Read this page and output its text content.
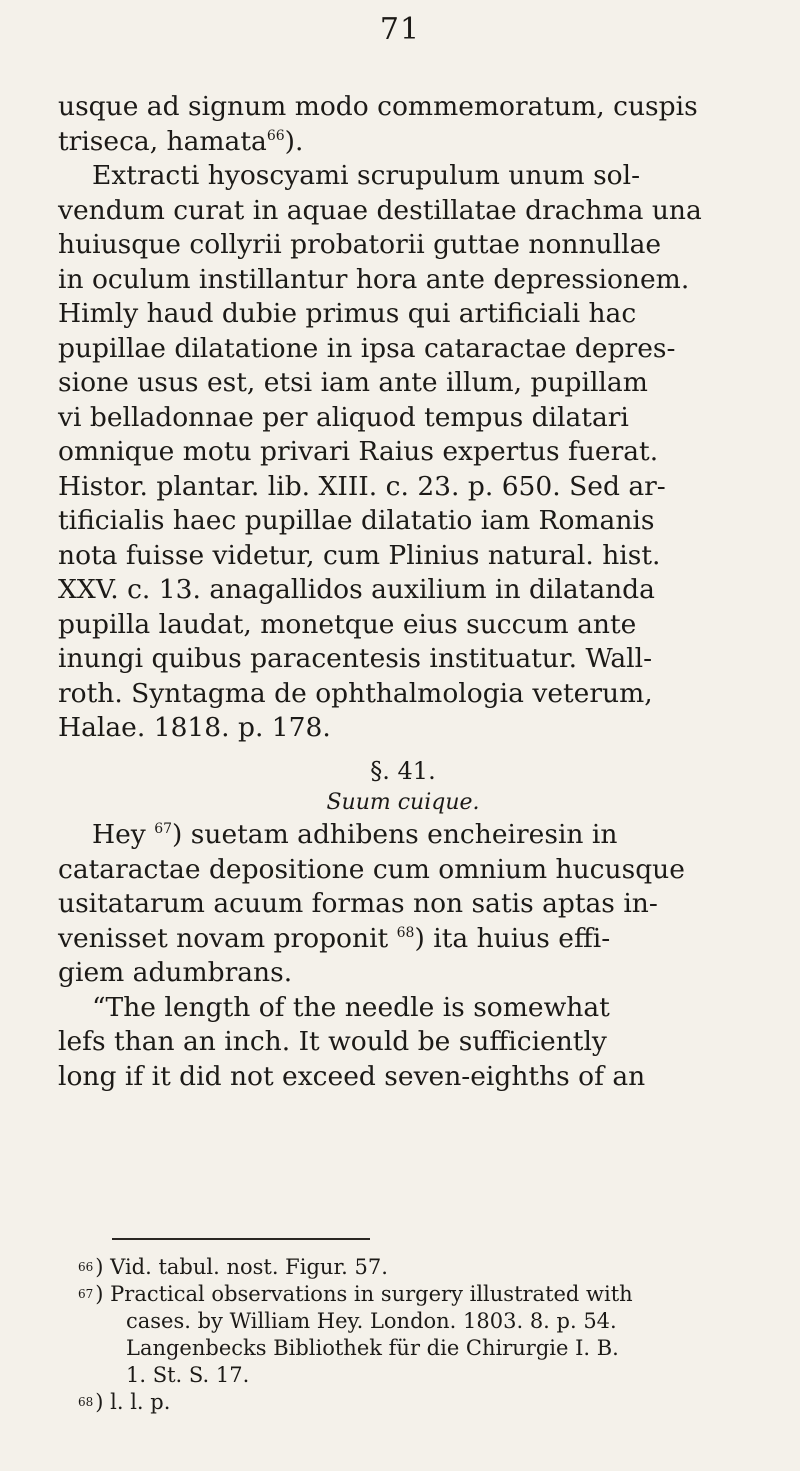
71
usque ad signum modo commemoratum, cuspis
triseca, hamata$^{66}$).
Extracti hyoscyami scrupulum unum sol-
vendum curat in aquae destillatae drachma una
huiusque collyrii probatorii guttae nonnullae
in oculum instillantur hora ante depressionem.
Himly haud dubie primus qui artificiali hac
pupillae dilatatione in ipsa cataractae depres-
sione usus est, etsi iam ante illum, pupillam
vi belladonnae per aliquod tempus dilatari
omnique motu privari Raius expertus fuerat.
Histor. plantar. lib. XIII. c. 23. p. 650. Sed ar-
tificialis haec pupillae dilatatio iam Romanis
nota fuisse videtur, cum Plinius natural. hist.
XXV. c. 13. anagallidos auxilium in dilatanda
pupilla laudat, monetque eius succum ante
inungi quibus paracentesis instituatur. Wall-
roth. Syntagma de ophthalmologia veterum,
Halae. 1818. p. 178.
§. 41.
Suum cuique.
Hey $^{67}$) suetam adhibens encheiresin in
cataractae depositione cum omnium hucusque
usitatarum acuum formas non satis aptas in-
venisset novam proponit $^{68}$) ita huius effi-
giem adumbrans.
“The length of the needle is somewhat
lefs than an inch. It would be sufficiently
long if it did not exceed seven-eighths of an
$^{66}$) Vid. tabul. nost. Figur. 57.
$^{67}$) Practical observations in surgery illustrated with
cases. by William Hey. London. 1803. 8. p. 54.
Langenbecks Bibliothek für die Chirurgie I. B.
1. St. S. 17.
$^{68}$) l. l. p.
